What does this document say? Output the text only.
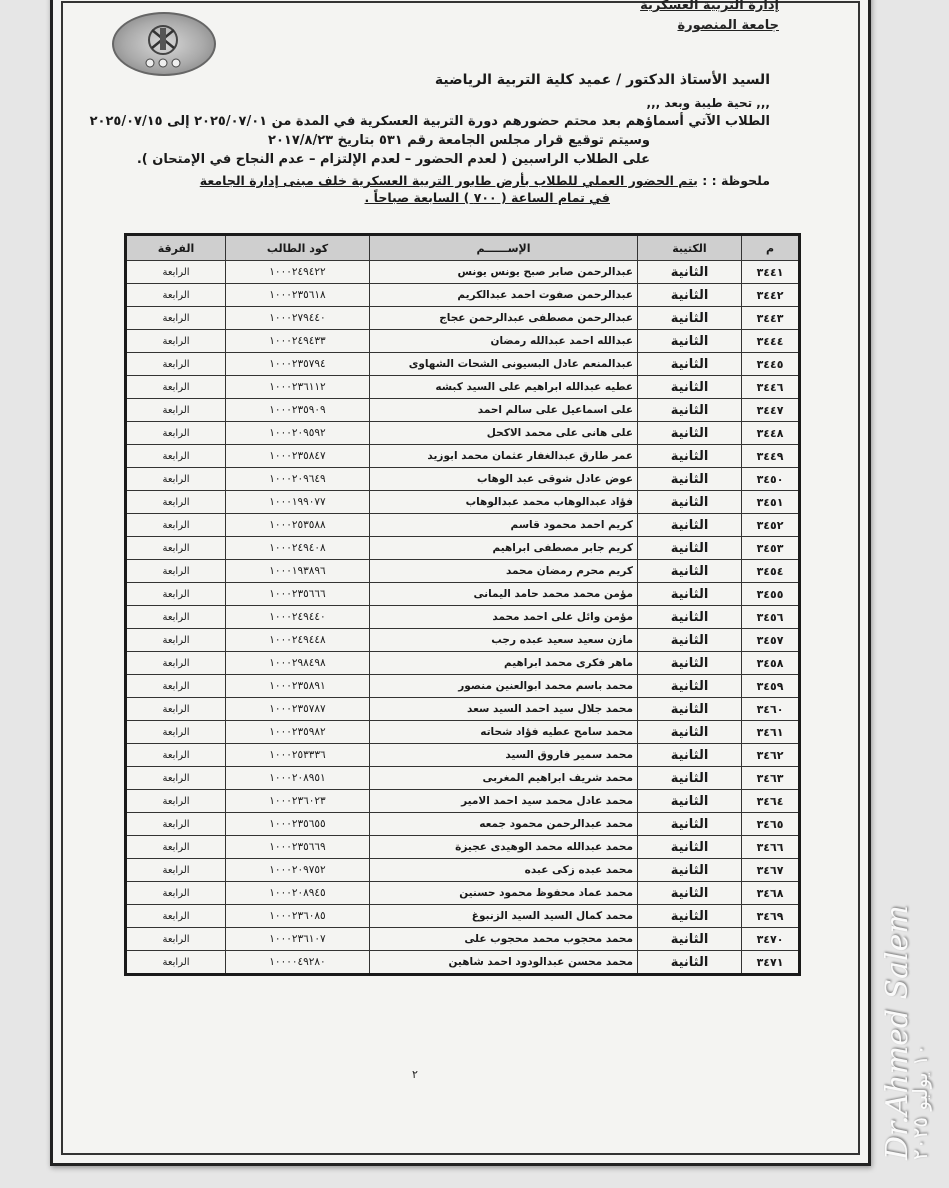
إدارة التربية العسكرية
جامعة المنصورة
السيد الأستاذ الدكتور / عميد كلية التربية الرياضية
,,, تحية طيبة وبعد ,,,
الطلاب الآتي أسماؤهم بعد محتم حضورهم دورة التربية العسكرية في المدة من ٢٠٢٥/٠٧/٠١ إلى ٢٠٢٥/٠٧/١٥
وسيتم توقيع قرار مجلس الجامعة رقم ٥٣١ بتاريخ ٢٠١٧/٨/٢٣
على الطلاب الراسبين ( لعدم الحضور – لعدم الإلتزام – عدم النجاح في الإمتحان ).
ملحوظة : : يتم الحضور العملي للطلاب بأرض طابور التربية العسكرية خلف مبنى إدارة الجامعة
في تمام الساعة ( ٧٠٠ ) السابعة صباحاً .
م	الكتيبة	الإســــــم	كود الطالب	الفرقة
٣٤٤١	الثانية	عبدالرحمن صابر صبح يونس يونس	١٠٠٠٢٤٩٤٢٢	الرابعة
٣٤٤٢	الثانية	عبدالرحمن صفوت احمد عبدالكريم	١٠٠٠٢٣٥٦١٨	الرابعة
٣٤٤٣	الثانية	عبدالرحمن مصطفى عبدالرحمن عجاج	١٠٠٠٢٧٩٤٤٠	الرابعة
٣٤٤٤	الثانية	عبدالله احمد عبدالله رمضان	١٠٠٠٢٤٩٤٣٣	الرابعة
٣٤٤٥	الثانية	عبدالمنعم عادل البسيونى الشحات الشهاوى	١٠٠٠٢٣٥٧٩٤	الرابعة
٣٤٤٦	الثانية	عطيه عبدالله ابراهيم على السيد كبشه	١٠٠٠٢٣٦١١٢	الرابعة
٣٤٤٧	الثانية	على اسماعيل على سالم احمد	١٠٠٠٢٣٥٩٠٩	الرابعة
٣٤٤٨	الثانية	على هانى على محمد الاكحل	١٠٠٠٢٠٩٥٩٢	الرابعة
٣٤٤٩	الثانية	عمر طارق عبدالغفار عثمان محمد ابوزيد	١٠٠٠٢٣٥٨٤٧	الرابعة
٣٤٥٠	الثانية	عوض عادل شوقى عبد الوهاب	١٠٠٠٢٠٩٦٤٩	الرابعة
٣٤٥١	الثانية	فؤاد عبدالوهاب محمد عبدالوهاب	١٠٠٠١٩٩٠٧٧	الرابعة
٣٤٥٢	الثانية	كريم احمد محمود قاسم	١٠٠٠٢٥٣٥٨٨	الرابعة
٣٤٥٣	الثانية	كريم جابر مصطفى ابراهيم	١٠٠٠٢٤٩٤٠٨	الرابعة
٣٤٥٤	الثانية	كريم محرم رمضان محمد	١٠٠٠١٩٣٨٩٦	الرابعة
٣٤٥٥	الثانية	مؤمن محمد محمد حامد اليمانى	١٠٠٠٢٣٥٦٦٦	الرابعة
٣٤٥٦	الثانية	مؤمن وائل على احمد محمد	١٠٠٠٢٤٩٤٤٠	الرابعة
٣٤٥٧	الثانية	مازن سعيد سعيد عبده رجب	١٠٠٠٢٤٩٤٤٨	الرابعة
٣٤٥٨	الثانية	ماهر فكرى محمد ابراهيم	١٠٠٠٢٩٨٤٩٨	الرابعة
٣٤٥٩	الثانية	محمد باسم محمد ابوالعنين منصور	١٠٠٠٢٣٥٨٩١	الرابعة
٣٤٦٠	الثانية	محمد جلال سيد احمد السيد سعد	١٠٠٠٢٣٥٧٨٧	الرابعة
٣٤٦١	الثانية	محمد سامح عطيه فؤاد شحاته	١٠٠٠٢٣٥٩٨٢	الرابعة
٣٤٦٢	الثانية	محمد سمير فاروق السيد	١٠٠٠٢٥٣٣٣٦	الرابعة
٣٤٦٣	الثانية	محمد شريف ابراهيم المغربى	١٠٠٠٢٠٨٩٥١	الرابعة
٣٤٦٤	الثانية	محمد عادل محمد سيد احمد الامير	١٠٠٠٢٣٦٠٢٣	الرابعة
٣٤٦٥	الثانية	محمد عبدالرحمن محمود جمعه	١٠٠٠٢٣٥٦٥٥	الرابعة
٣٤٦٦	الثانية	محمد عبدالله محمد الوهيدى عجيزة	١٠٠٠٢٣٥٦٦٩	الرابعة
٣٤٦٧	الثانية	محمد عبده زكى عبده	١٠٠٠٢٠٩٧٥٢	الرابعة
٣٤٦٨	الثانية	محمد عماد محفوظ محمود حسنين	١٠٠٠٢٠٨٩٤٥	الرابعة
٣٤٦٩	الثانية	محمد كمال السيد السيد الزنبوغ	١٠٠٠٢٣٦٠٨٥	الرابعة
٣٤٧٠	الثانية	محمد محجوب محمد محجوب على	١٠٠٠٢٣٦١٠٧	الرابعة
٣٤٧١	الثانية	محمد محسن عبدالودود احمد شاهين	١٠٠٠٠٤٩٢٨٠	الرابعة
٢	Dr.Ahmed Salem
١٠ يوليو ٢٠٢٥
